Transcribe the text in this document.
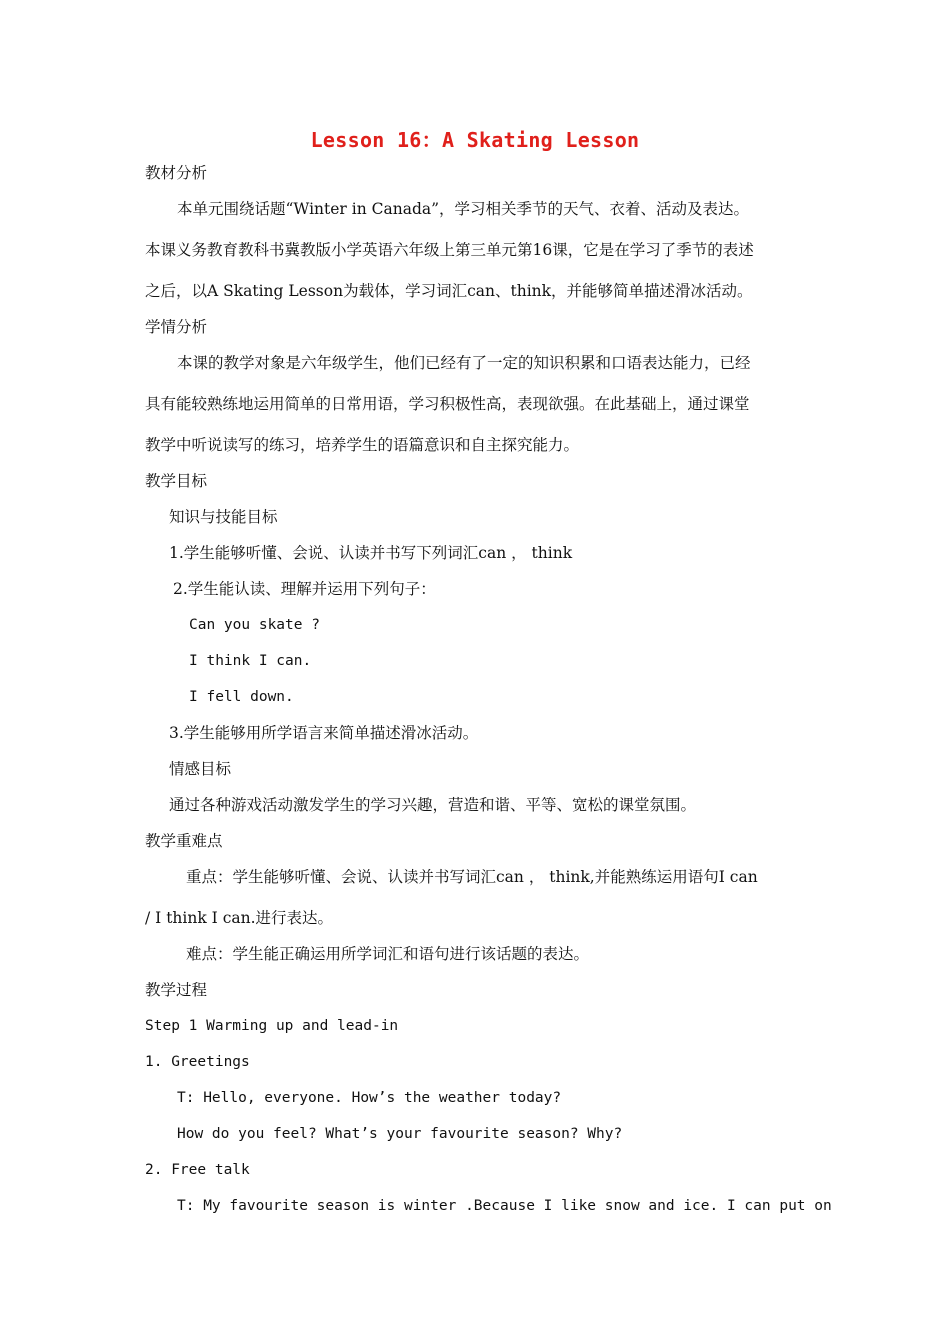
Lesson 16：A Skating Lesson
教材分析
本单元围绕话题“Winter in Canada”，学习相关季节的天气、衣着、活动及表达。
本课义务教育教科书冀教版小学英语六年级上第三单元第16课，它是在学习了季节的表述
之后，以A Skating Lesson为载体，学习词汇can、think，并能够简单描述滑冰活动。
学情分析
本课的教学对象是六年级学生，他们已经有了一定的知识积累和口语表达能力，已经
具有能较熟练地运用简单的日常用语，学习积极性高，表现欲强。在此基础上，通过课堂
教学中听说读写的练习，培养学生的语篇意识和自主探究能力。
教学目标
知识与技能目标
1.学生能够听懂、会说、认读并书写下列词汇can ， think
2.学生能认读、理解并运用下列句子：
Can you skate ?
I think I can.
I fell down.
3.学生能够用所学语言来简单描述滑冰活动。
情感目标
通过各种游戏活动激发学生的学习兴趣，营造和谐、平等、宽松的课堂氛围。
教学重难点
重点：学生能够听懂、会说、认读并书写词汇can ， think,并能熟练运用语句I can
/ I think I can.进行表达。
难点：学生能正确运用所学词汇和语句进行该话题的表达。
教学过程
Step 1 Warming up and lead-in
1. Greetings
T: Hello, everyone. How’s the weather today?
How do you feel? What’s your favourite season? Why?
2. Free talk
T: My favourite season is winter .Because I like snow and ice. I can put on
